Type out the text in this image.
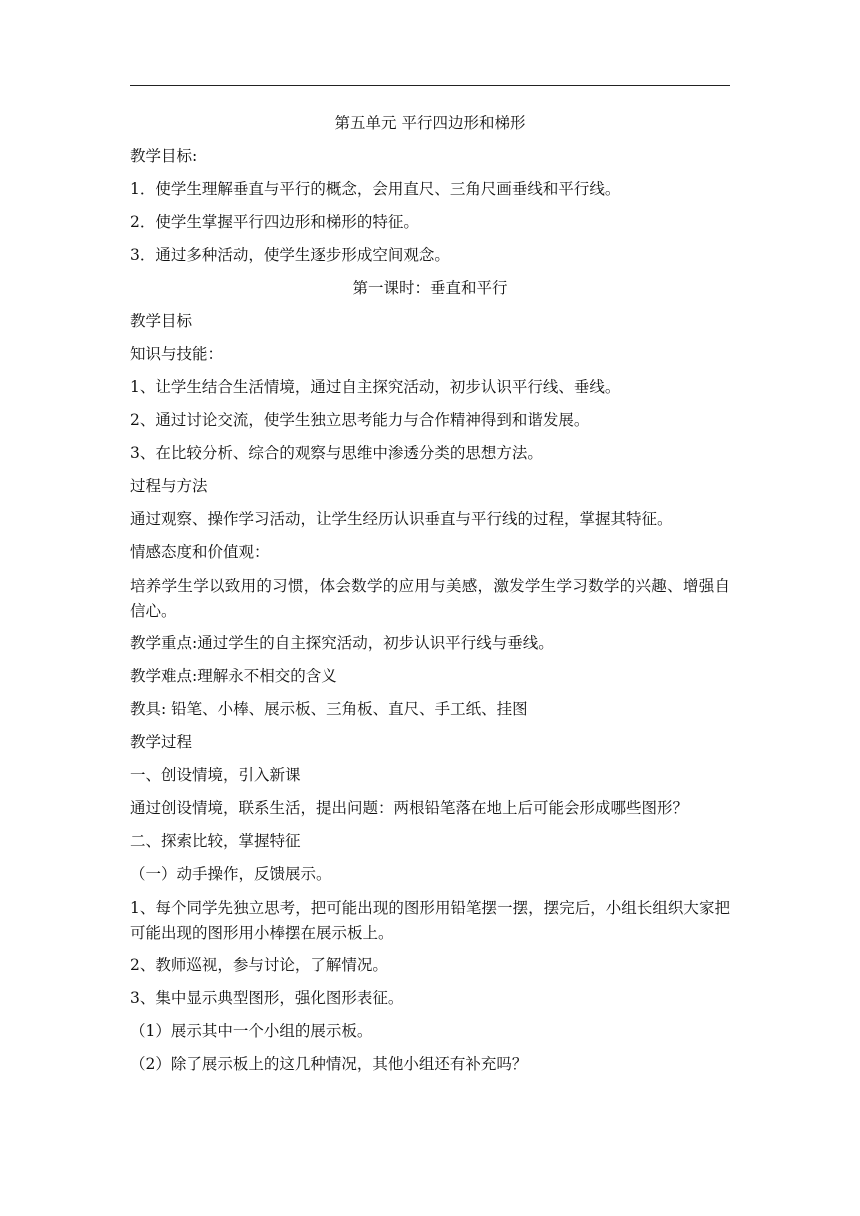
第五单元 平行四边形和梯形

教学目标:

1．使学生理解垂直与平行的概念，会用直尺、三角尺画垂线和平行线。

2．使学生掌握平行四边形和梯形的特征。

3．通过多种活动，使学生逐步形成空间观念。

第一课时：垂直和平行

教学目标

知识与技能：

1、让学生结合生活情境，通过自主探究活动，初步认识平行线、垂线。

2、通过讨论交流，使学生独立思考能力与合作精神得到和谐发展。

3、在比较分析、综合的观察与思维中渗透分类的思想方法。

过程与方法

通过观察、操作学习活动，让学生经历认识垂直与平行线的过程，掌握其特征。

情感态度和价值观：

培养学生学以致用的习惯，体会数学的应用与美感，激发学生学习数学的兴趣、增强自信心。

教学重点:通过学生的自主探究活动，初步认识平行线与垂线。

教学难点:理解永不相交的含义

教具: 铅笔、小棒、展示板、三角板、直尺、手工纸、挂图

教学过程

一、创设情境，引入新课

通过创设情境，联系生活，提出问题：两根铅笔落在地上后可能会形成哪些图形？

二、探索比较，掌握特征

（一）动手操作，反馈展示。

1、每个同学先独立思考，把可能出现的图形用铅笔摆一摆，摆完后，小组长组织大家把可能出现的图形用小棒摆在展示板上。

2、教师巡视，参与讨论，了解情况。

3、集中显示典型图形，强化图形表征。

（1）展示其中一个小组的展示板。

（2）除了展示板上的这几种情况，其他小组还有补充吗？
